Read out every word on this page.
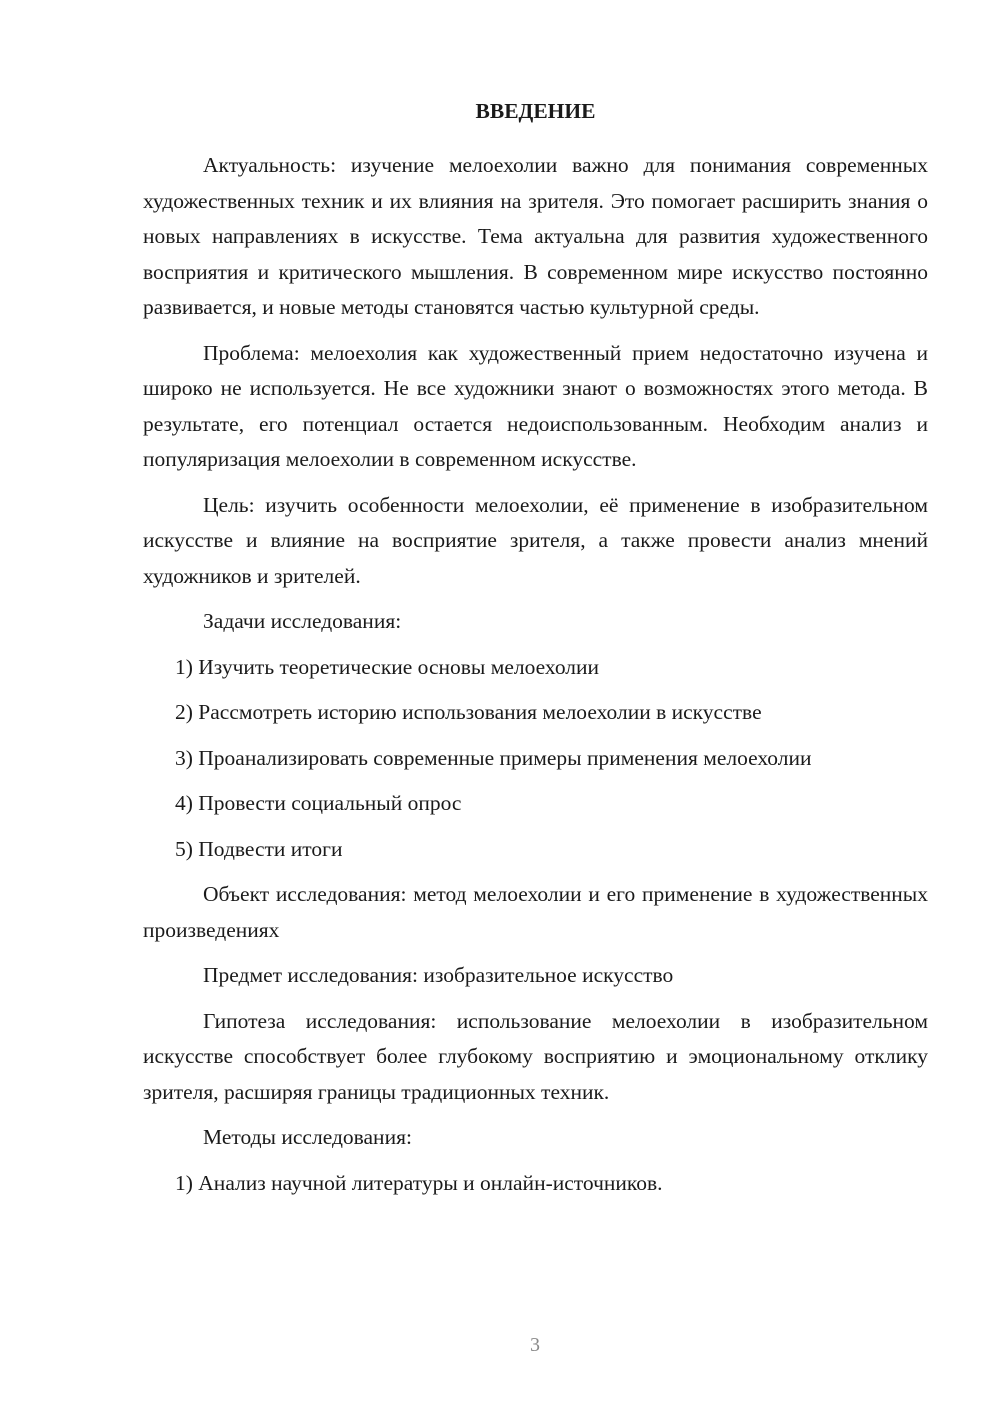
ВВЕДЕНИЕ

Актуальность: изучение мелоехолии важно для понимания современных художественных техник и их влияния на зрителя. Это помогает расширить знания о новых направлениях в искусстве. Тема актуальна для развития художественного восприятия и критического мышления. В современном мире искусство постоянно развивается, и новые методы становятся частью культурной среды.

Проблема: мелоехолия как художественный прием недостаточно изучена и широко не используется. Не все художники знают о возможностях этого метода. В результате, его потенциал остается недоиспользованным. Необходим анализ и популяризация мелоехолии в современном искусстве.

Цель: изучить особенности мелоехолии, её применение в изобразительном искусстве и влияние на восприятие зрителя, а также провести анализ мнений художников и зрителей.

Задачи исследования:

1) Изучить теоретические основы мелоехолии

2) Рассмотреть историю использования мелоехолии в искусстве

3) Проанализировать современные примеры применения мелоехолии

4) Провести социальный опрос

5) Подвести итоги

Объект исследования: метод мелоехолии и его применение в художественных произведениях

Предмет исследования: изобразительное искусство

Гипотеза исследования: использование мелоехолии в изобразительном искусстве способствует более глубокому восприятию и эмоциональному отклику зрителя, расширяя границы традиционных техник.

Методы исследования:

1) Анализ научной литературы и онлайн-источников.

3
